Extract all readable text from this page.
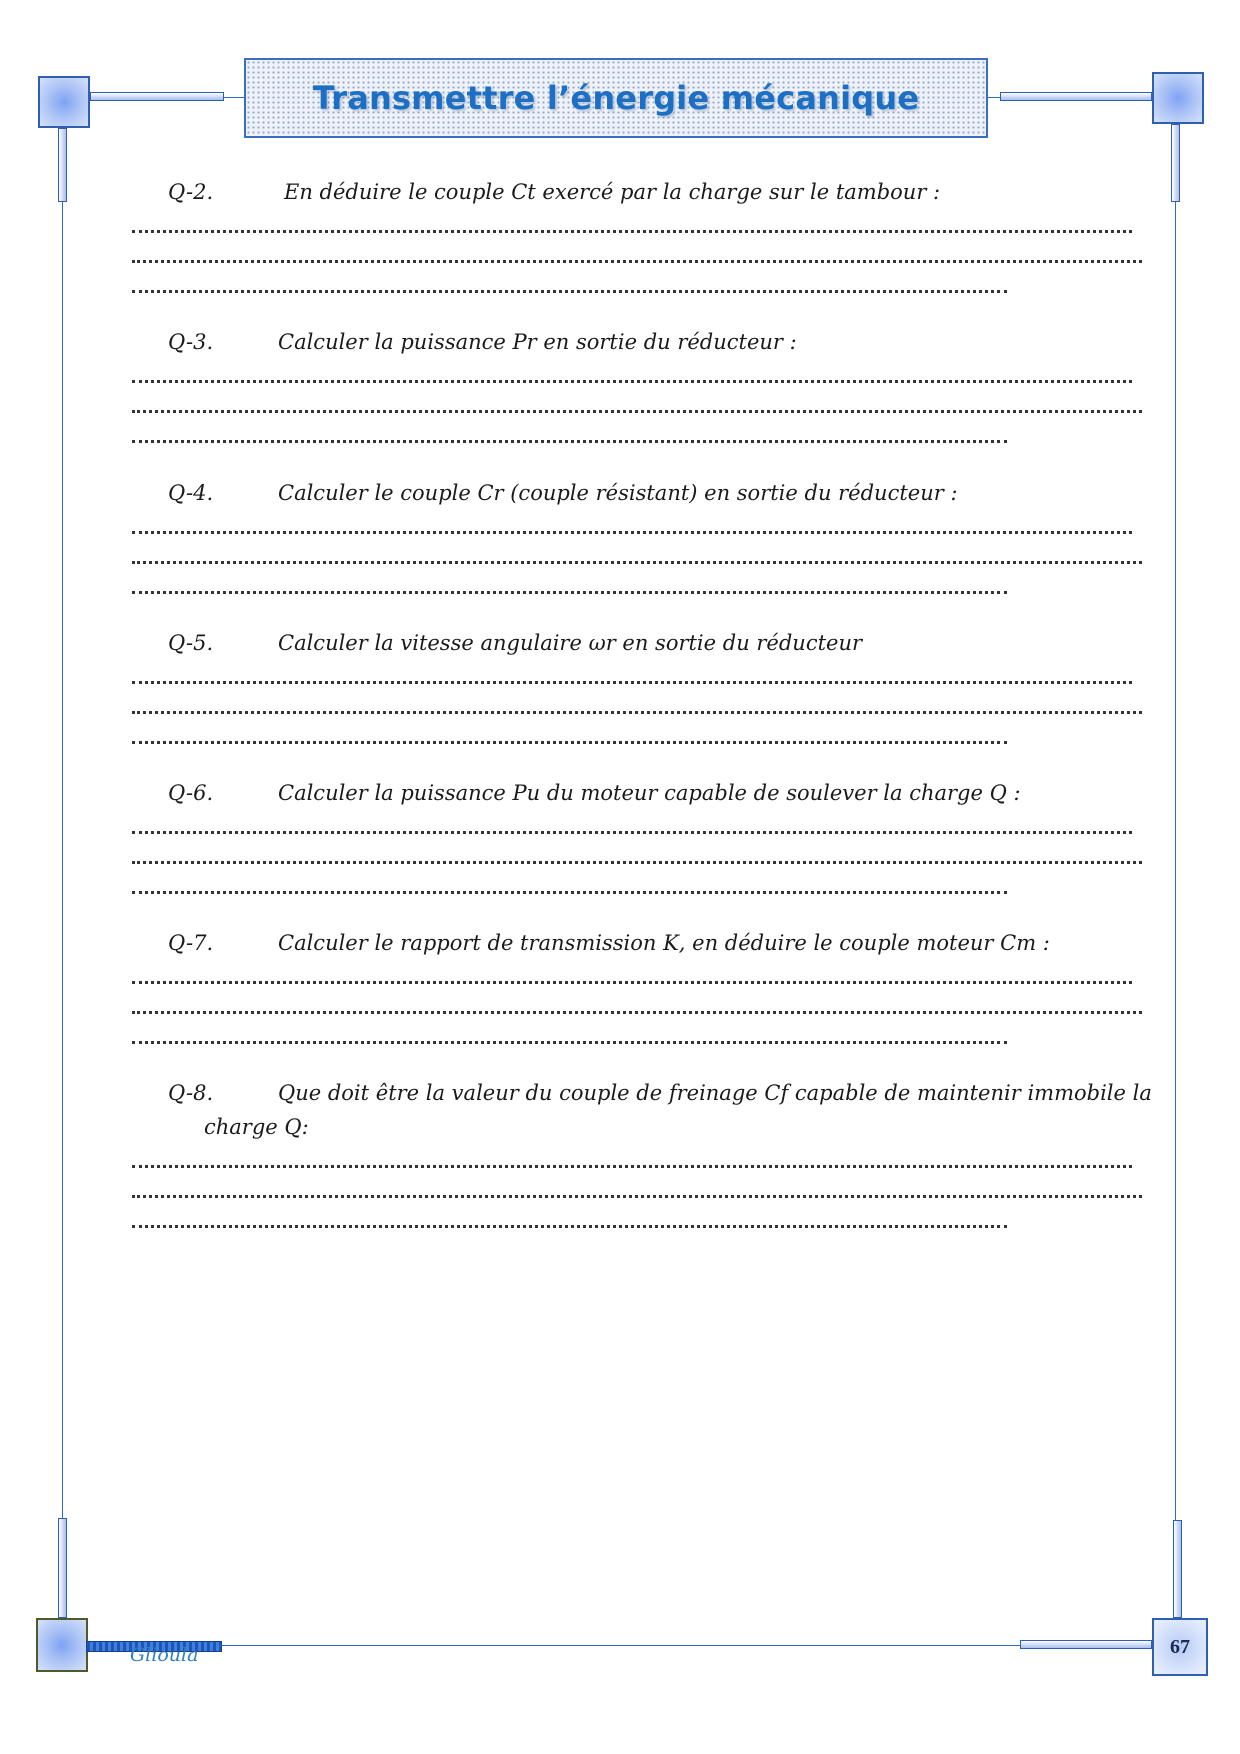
Transmettre l’énergie mécanique
Q-2.	En déduire le couple Ct exercé par la charge sur le tambour :
Q-3.	Calculer la puissance Pr en sortie du réducteur :
Q-4.	Calculer le couple Cr (couple résistant) en sortie du réducteur :
Q-5.	Calculer la vitesse angulaire ωr en sortie du réducteur
Q-6.	Calculer la puissance Pu du moteur capable de soulever la charge Q :
Q-7.	Calculer le rapport de transmission K, en déduire le couple moteur Cm :
Q-8.	Que doit être la valeur du couple de freinage Cf capable de maintenir immobile la
charge Q:
Glioula	67
